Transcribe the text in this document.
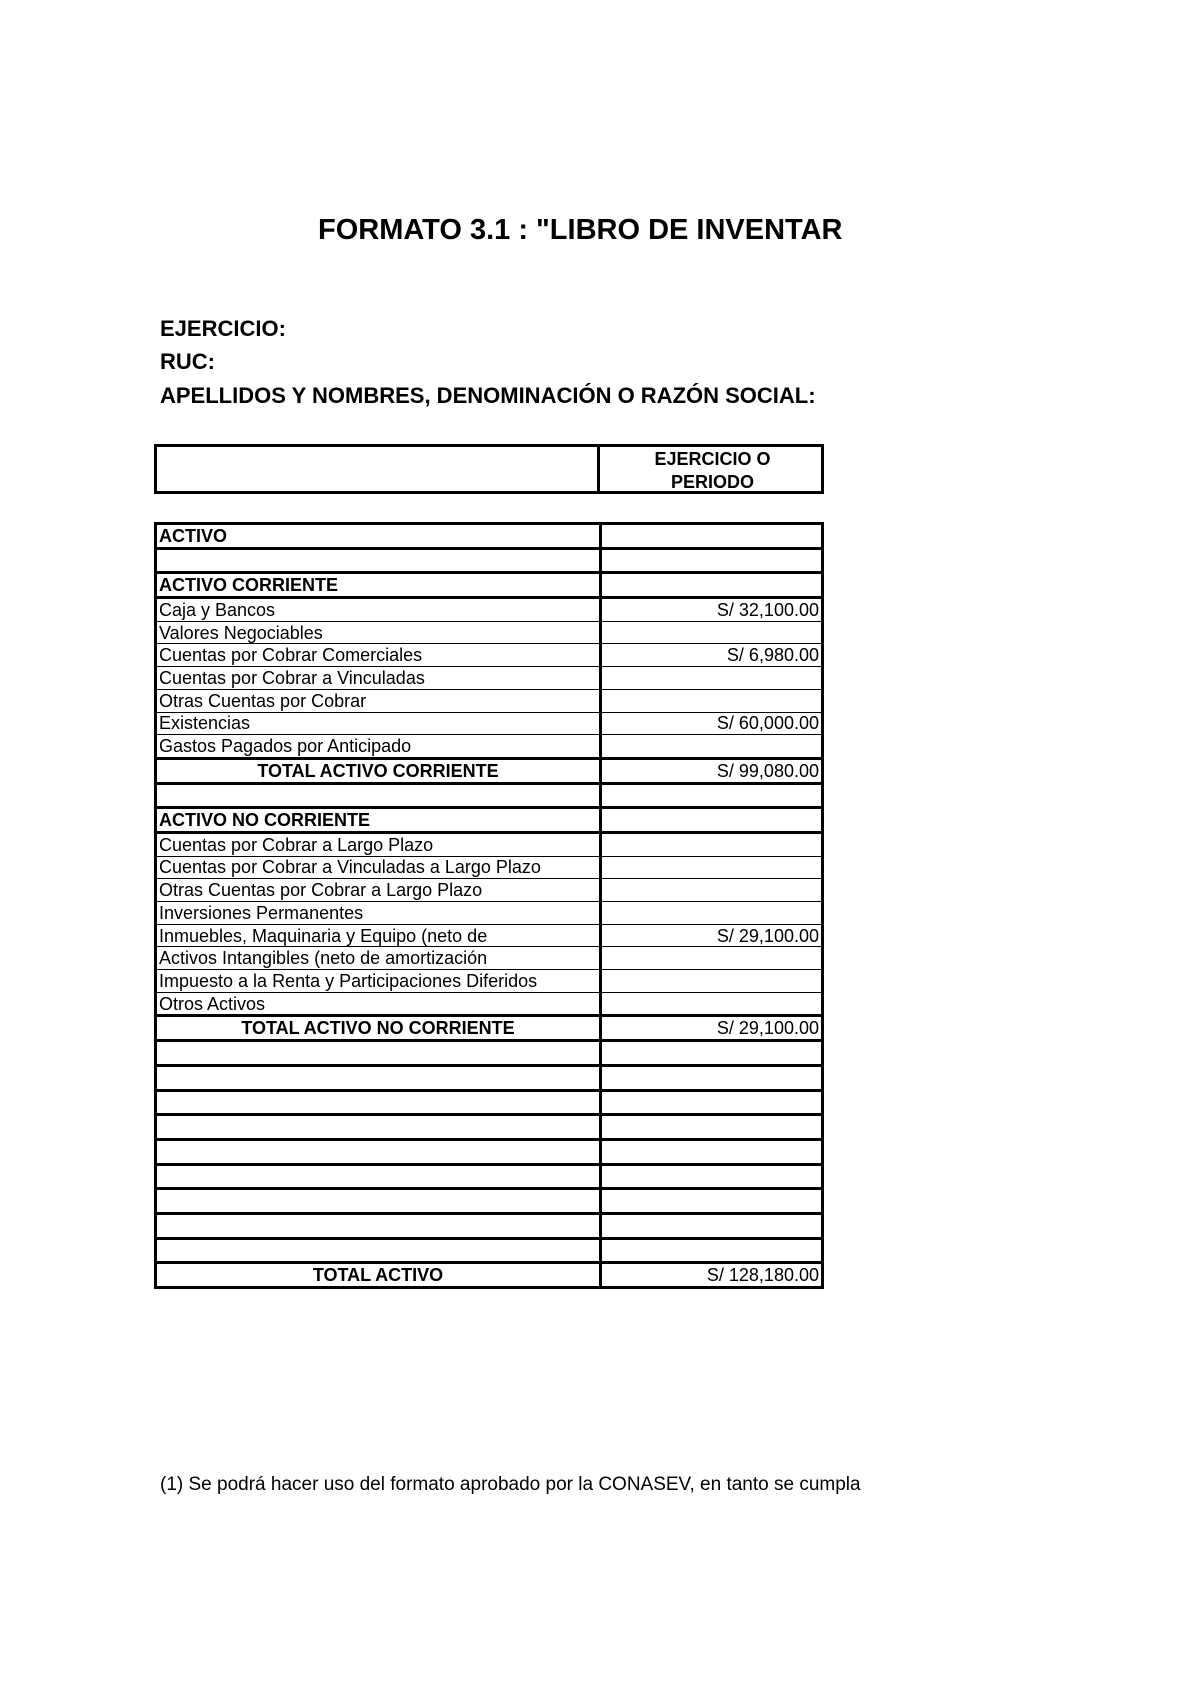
FORMATO 3.1 : "LIBRO DE INVENTAR
EJERCICIO:
RUC:
APELLIDOS Y NOMBRES, DENOMINACIÓN O RAZÓN SOCIAL:
EJERCICIO O
PERIODO
ACTIVO	

ACTIVO CORRIENTE	
Caja y Bancos	S/ 32,100.00
Valores Negociables	
Cuentas por Cobrar Comerciales	S/ 6,980.00
Cuentas por Cobrar a Vinculadas	
Otras Cuentas por Cobrar	
Existencias	S/ 60,000.00
Gastos Pagados por Anticipado	
TOTAL ACTIVO CORRIENTE	S/ 99,080.00

ACTIVO NO CORRIENTE	
Cuentas por Cobrar a Largo Plazo	
Cuentas por Cobrar a Vinculadas a Largo Plazo	
Otras Cuentas por Cobrar a Largo Plazo	
Inversiones Permanentes	
Inmuebles, Maquinaria y Equipo (neto de	S/ 29,100.00
Activos Intangibles (neto de amortización	
Impuesto a la Renta y Participaciones Diferidos	
Otros Activos	
TOTAL ACTIVO NO CORRIENTE	S/ 29,100.00

TOTAL ACTIVO	S/ 128,180.00
(1) Se podrá hacer uso del formato aprobado por la CONASEV, en tanto se cumpla
